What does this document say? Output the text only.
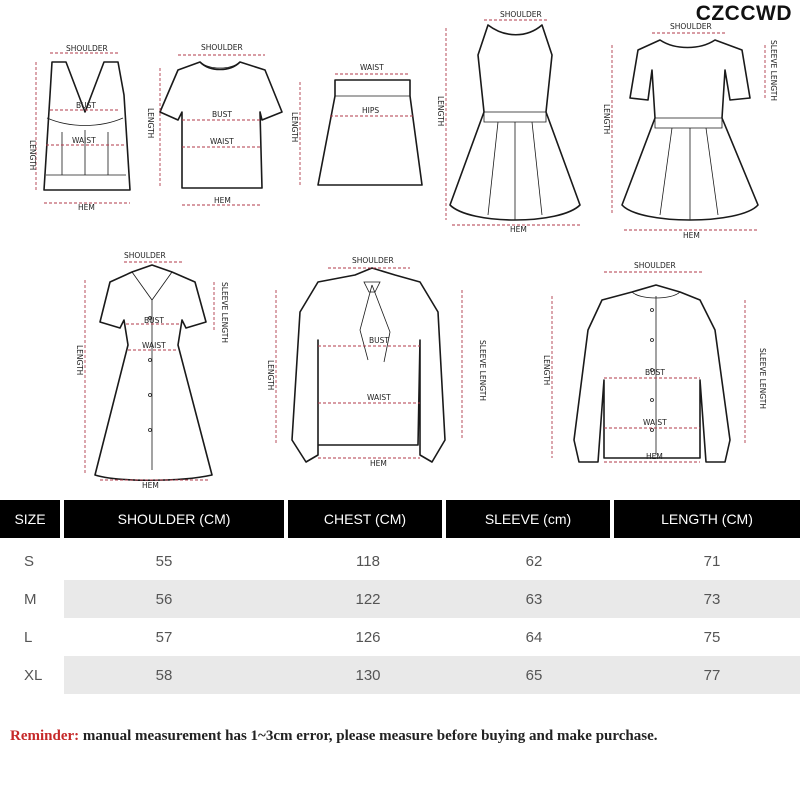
CZCCWD
SHOULDER
BUST
WAIST
HEM
LENGTH
SHOULDER
BUST
WAIST
HEM
LENGTH
WAIST
HIPS
LENGTH
SHOULDER
HEM
LENGTH
SHOULDER
HEM
LENGTH
SLEEVE LENGTH
SHOULDER
BUST
WAIST
HEM
LENGTH
SLEEVE LENGTH
SHOULDER
BUST
WAIST
HEM
LENGTH	SLEEVE LENGTH
SHOULDER
BUST
WAIST
HEM
LENGTH	SLEEVE LENGTH
SIZE	SHOULDER (CM)	CHEST (CM)	SLEEVE (cm)	LENGTH (CM)
S	55	118	62	71
M	56	122	63	73
L	57	126	64	75
XL	58	130	65	77
Reminder: manual measurement has 1~3cm error, please measure before buying and make purchase.
